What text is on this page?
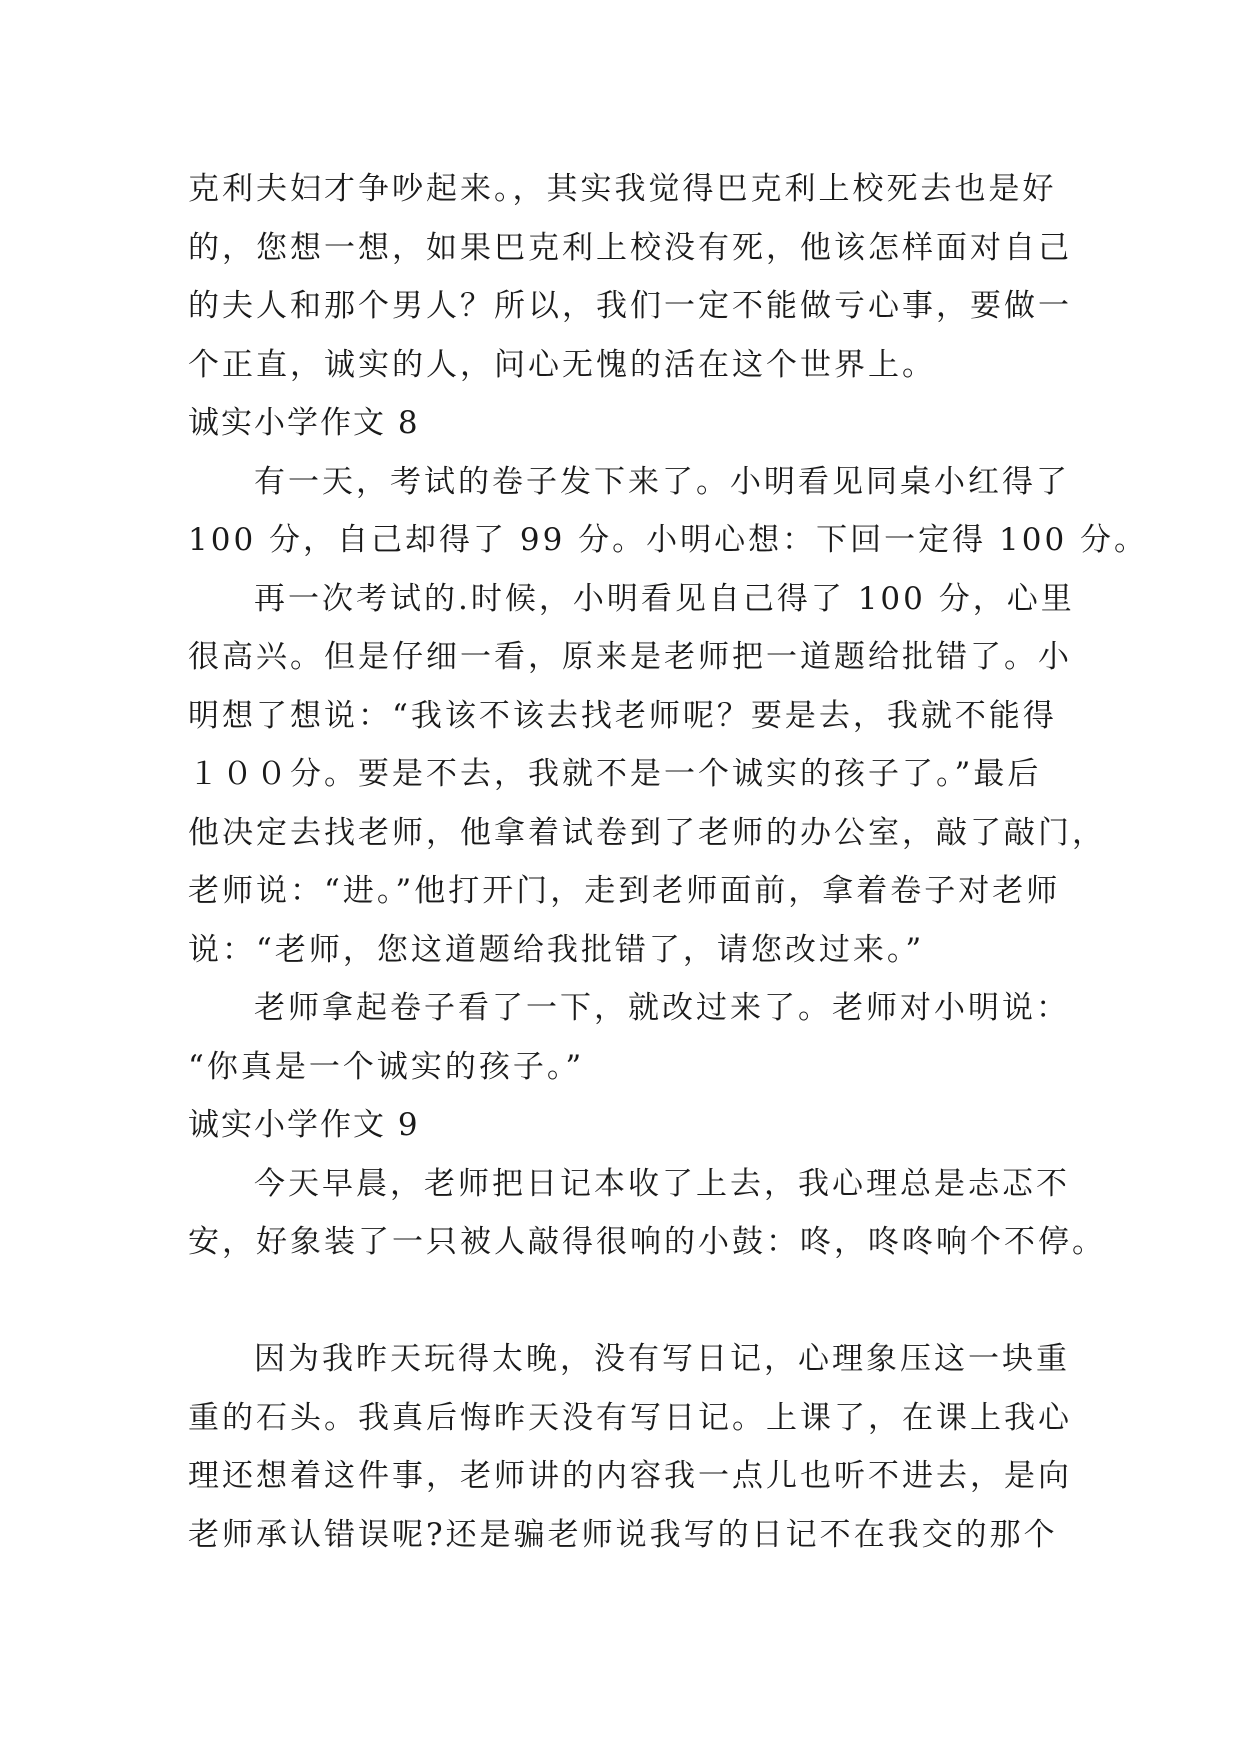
克利夫妇才争吵起来。，其实我觉得巴克利上校死去也是好
的，您想一想，如果巴克利上校没有死，他该怎样面对自己
的夫人和那个男人？所以，我们一定不能做亏心事，要做一
个正直，诚实的人，问心无愧的活在这个世界上。
诚实小学作文 8
有一天，考试的卷子发下来了。小明看见同桌小红得了
100 分，自己却得了 99 分。小明心想：下回一定得 100 分。
再一次考试的.时候，小明看见自己得了 100 分，心里
很高兴。但是仔细一看，原来是老师把一道题给批错了。小
明想了想说：“我该不该去找老师呢？要是去，我就不能得
１００分。要是不去，我就不是一个诚实的孩子了。”最后
他决定去找老师，他拿着试卷到了老师的办公室，敲了敲门，
老师说：“进。”他打开门，走到老师面前，拿着卷子对老师
说：“老师，您这道题给我批错了，请您改过来。”
老师拿起卷子看了一下，就改过来了。老师对小明说：
“你真是一个诚实的孩子。”
诚实小学作文 9
今天早晨，老师把日记本收了上去，我心理总是忐忑不
安，好象装了一只被人敲得很响的小鼓：咚，咚咚响个不停。
因为我昨天玩得太晚，没有写日记，心理象压这一块重
重的石头。我真后悔昨天没有写日记。上课了，在课上我心
理还想着这件事，老师讲的内容我一点儿也听不进去，是向
老师承认错误呢?还是骗老师说我写的日记不在我交的那个
